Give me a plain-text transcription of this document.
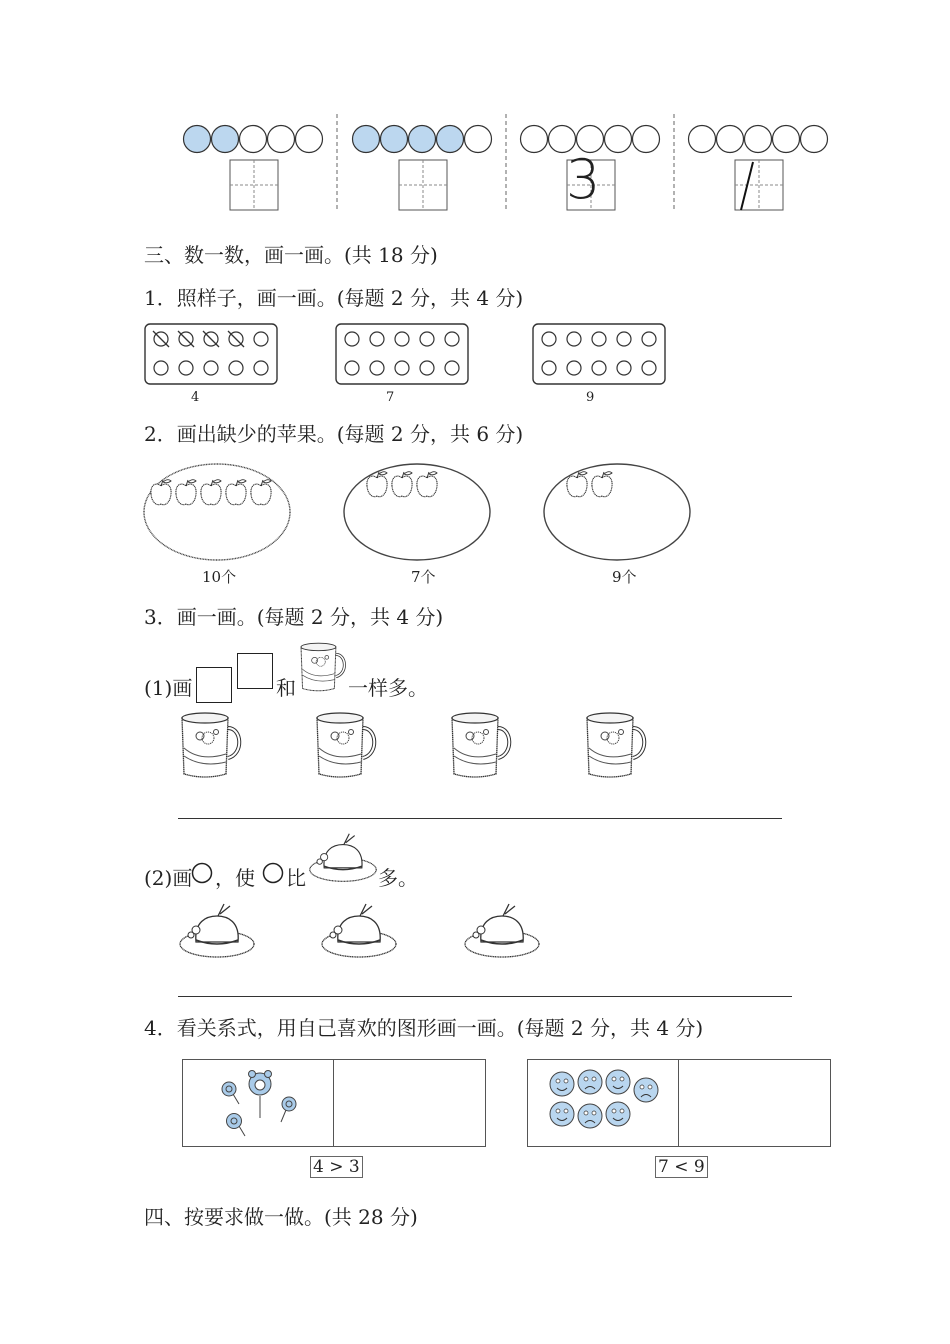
3
三、数一数，画一画。(共 18 分)
1．照样子，画一画。(每题 2 分，共 4 分)
4	7	9
2．画出缺少的苹果。(每题 2 分，共 6 分)
10个	7个	9个
3．画一画。(每题 2 分，共 4 分)
(1)画	和	一样多。
(2)画 ，使 比	多。
4．看关系式，用自己喜欢的图形画一画。(每题 2 分，共 4 分)
4 > 3	7 < 9
四、按要求做一做。(共 28 分)
